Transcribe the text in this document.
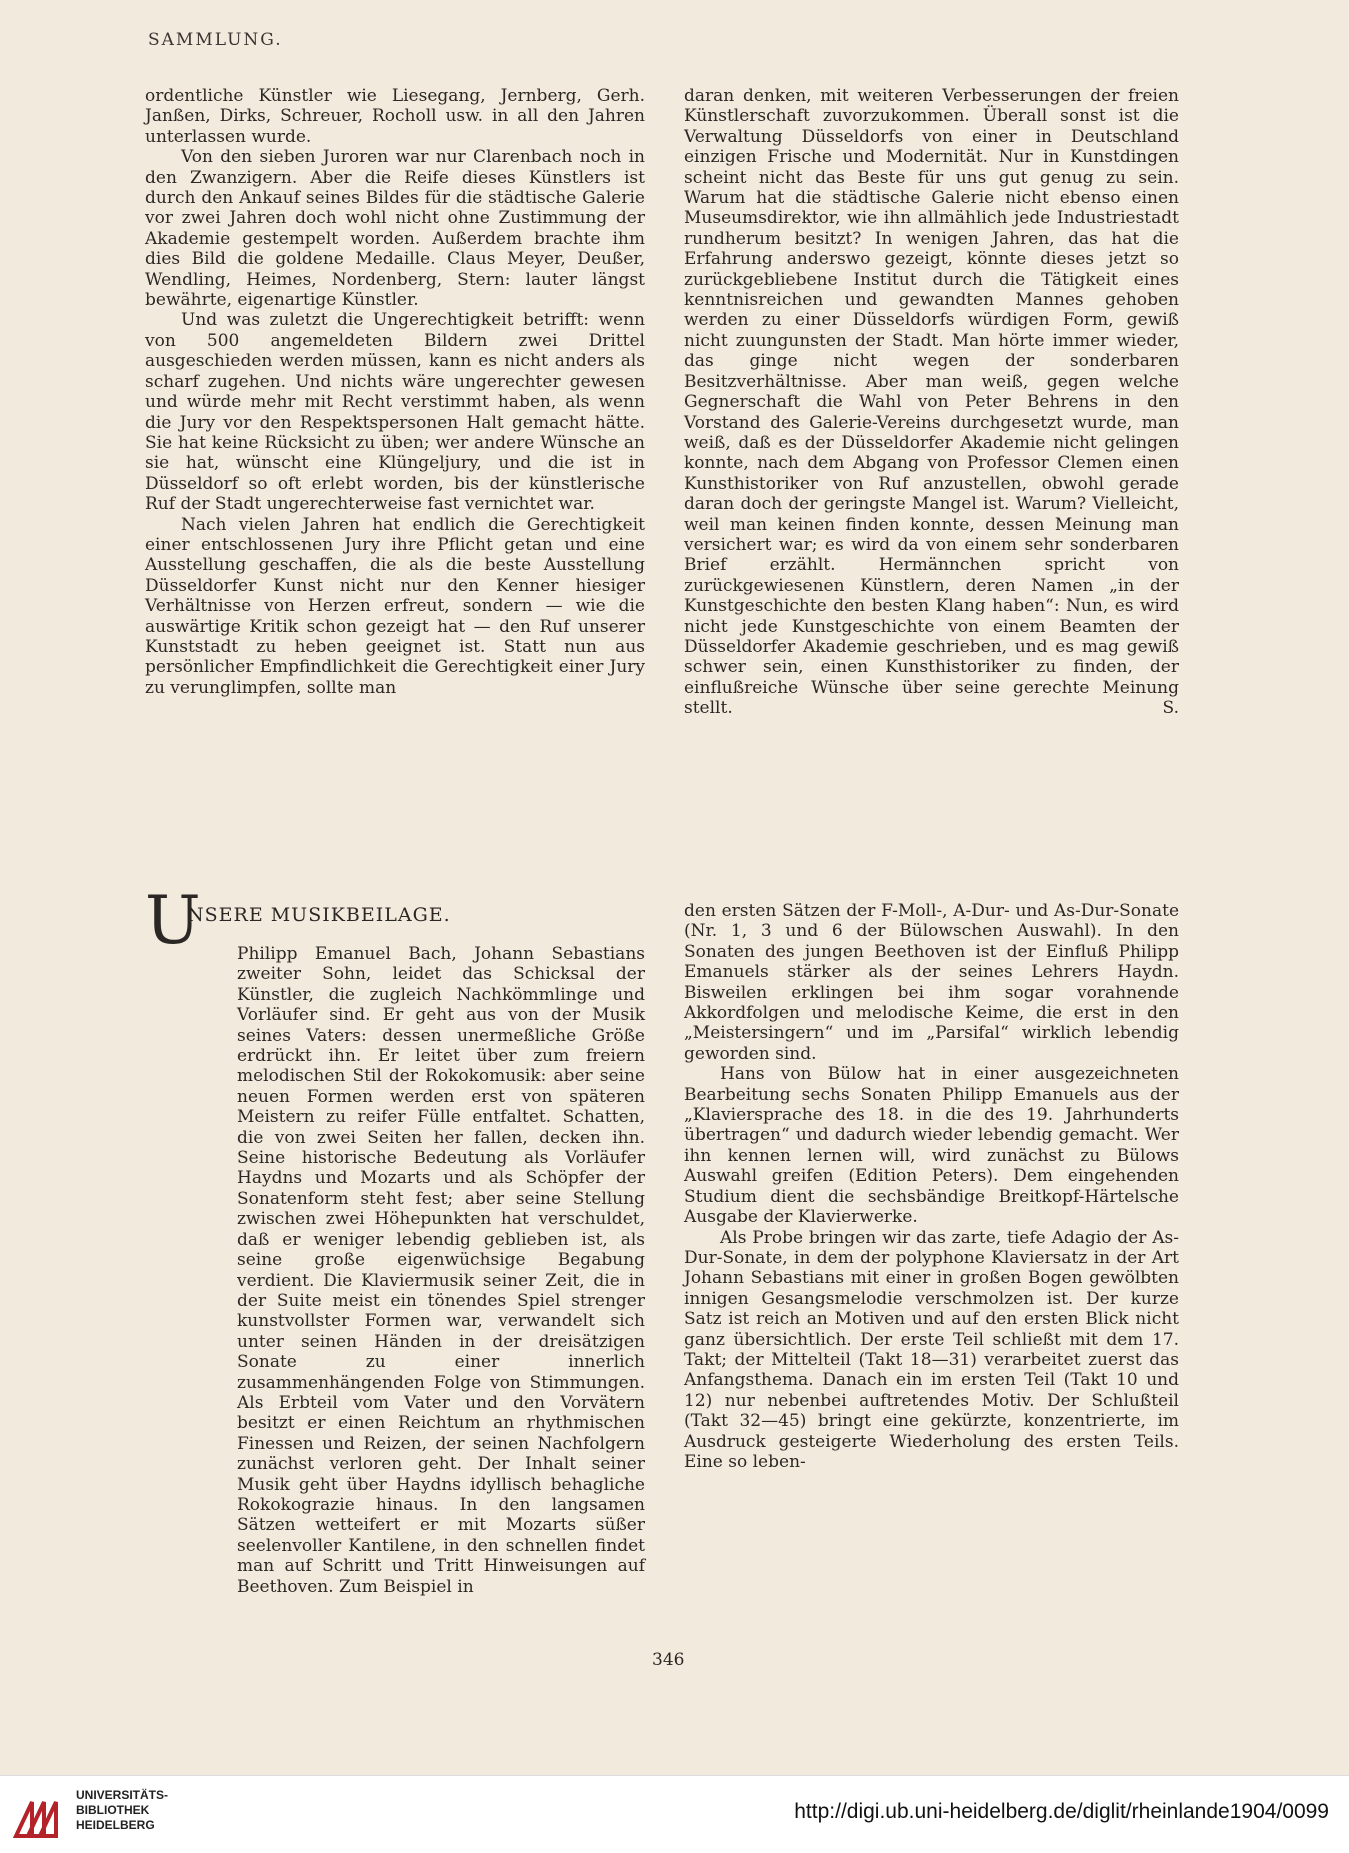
SAMMLUNG.

ordentliche Künstler wie Liesegang, Jernberg, Gerh. Janßen, Dirks, Schreuer, Rocholl usw. in all den Jahren unterlassen wurde.

Von den sieben Juroren war nur Clarenbach noch in den Zwanzigern. Aber die Reife dieses Künstlers ist durch den Ankauf seines Bildes für die städtische Galerie vor zwei Jahren doch wohl nicht ohne Zustimmung der Akademie gestempelt worden. Außerdem brachte ihm dies Bild die goldene Medaille. Claus Meyer, Deußer, Wendling, Heimes, Nordenberg, Stern: lauter längst bewährte, eigenartige Künstler.

Und was zuletzt die Ungerechtigkeit betrifft: wenn von 500 angemeldeten Bildern zwei Drittel ausgeschieden werden müssen, kann es nicht anders als scharf zugehen. Und nichts wäre ungerechter gewesen und würde mehr mit Recht verstimmt haben, als wenn die Jury vor den Respektspersonen Halt gemacht hätte. Sie hat keine Rücksicht zu üben; wer andere Wünsche an sie hat, wünscht eine Klüngeljury, und die ist in Düsseldorf so oft erlebt worden, bis der künstlerische Ruf der Stadt ungerechterweise fast vernichtet war.

Nach vielen Jahren hat endlich die Gerechtigkeit einer entschlossenen Jury ihre Pflicht getan und eine Ausstellung geschaffen, die als die beste Ausstellung Düsseldorfer Kunst nicht nur den Kenner hiesiger Verhältnisse von Herzen erfreut, sondern — wie die auswärtige Kritik schon gezeigt hat — den Ruf unserer Kunststadt zu heben geeignet ist. Statt nun aus persönlicher Empfindlichkeit die Gerechtigkeit einer Jury zu verunglimpfen, sollte man

daran denken, mit weiteren Verbesserungen der freien Künstlerschaft zuvorzukommen. Überall sonst ist die Verwaltung Düsseldorfs von einer in Deutschland einzigen Frische und Modernität. Nur in Kunstdingen scheint nicht das Beste für uns gut genug zu sein. Warum hat die städtische Galerie nicht ebenso einen Museumsdirektor, wie ihn allmählich jede Industriestadt rundherum besitzt? In wenigen Jahren, das hat die Erfahrung anderswo gezeigt, könnte dieses jetzt so zurückgebliebene Institut durch die Tätigkeit eines kenntnisreichen und gewandten Mannes gehoben werden zu einer Düsseldorfs würdigen Form, gewiß nicht zuungunsten der Stadt. Man hörte immer wieder, das ginge nicht wegen der sonderbaren Besitzverhältnisse. Aber man weiß, gegen welche Gegnerschaft die Wahl von Peter Behrens in den Vorstand des Galerie-Vereins durchgesetzt wurde, man weiß, daß es der Düsseldorfer Akademie nicht gelingen konnte, nach dem Abgang von Professor Clemen einen Kunsthistoriker von Ruf anzustellen, obwohl gerade daran doch der geringste Mangel ist. Warum? Vielleicht, weil man keinen finden konnte, dessen Meinung man versichert war; es wird da von einem sehr sonderbaren Brief erzählt. Hermännchen spricht von zurückgewiesenen Künstlern, deren Namen „in der Kunstgeschichte den besten Klang haben“: Nun, es wird nicht jede Kunstgeschichte von einem Beamten der Düsseldorfer Akademie geschrieben, und es mag gewiß schwer sein, einen Kunsthistoriker zu finden, der einflußreiche Wünsche über seine gerechte Meinung stellt.	S.
U
NSERE MUSIKBEILAGE.

Philipp Emanuel Bach, Johann Sebastians zweiter Sohn, leidet das Schicksal der Künstler, die zugleich Nachkömmlinge und Vorläufer sind. Er geht aus von der Musik seines Vaters: dessen unermeßliche Größe erdrückt ihn. Er leitet über zum freiern melodischen Stil der Rokokomusik: aber seine neuen Formen werden erst von späteren Meistern zu reifer Fülle entfaltet. Schatten, die von zwei Seiten her fallen, decken ihn. Seine historische Bedeutung als Vorläufer Haydns und Mozarts und als Schöpfer der Sonatenform steht fest; aber seine Stellung zwischen zwei Höhepunkten hat verschuldet, daß er weniger lebendig geblieben ist, als seine große eigenwüchsige Begabung verdient. Die Klaviermusik seiner Zeit, die in der Suite meist ein tönendes Spiel strenger kunstvollster Formen war, verwandelt sich unter seinen Händen in der dreisätzigen Sonate zu einer innerlich zusammenhängenden Folge von Stimmungen. Als Erbteil vom Vater und den Vorvätern besitzt er einen Reichtum an rhythmischen Finessen und Reizen, der seinen Nachfolgern zunächst verloren geht. Der Inhalt seiner Musik geht über Haydns idyllisch behagliche Rokokograzie hinaus. In den langsamen Sätzen wetteifert er mit Mozarts süßer seelenvoller Kantilene, in den schnellen findet man auf Schritt und Tritt Hinweisungen auf Beethoven. Zum Beispiel in

den ersten Sätzen der F-Moll-, A-Dur- und As-Dur-Sonate (Nr. 1, 3 und 6 der Bülowschen Auswahl). In den Sonaten des jungen Beethoven ist der Einfluß Philipp Emanuels stärker als der seines Lehrers Haydn. Bisweilen erklingen bei ihm sogar vorahnende Akkordfolgen und melodische Keime, die erst in den „Meistersingern“ und im „Parsifal“ wirklich lebendig geworden sind.

Hans von Bülow hat in einer ausgezeichneten Bearbeitung sechs Sonaten Philipp Emanuels aus der „Klaviersprache des 18. in die des 19. Jahrhunderts übertragen“ und dadurch wieder lebendig gemacht. Wer ihn kennen lernen will, wird zunächst zu Bülows Auswahl greifen (Edition Peters). Dem eingehenden Studium dient die sechsbändige Breitkopf-Härtelsche Ausgabe der Klavierwerke.

Als Probe bringen wir das zarte, tiefe Adagio der As-Dur-Sonate, in dem der polyphone Klaviersatz in der Art Johann Sebastians mit einer in großen Bogen gewölbten innigen Gesangsmelodie verschmolzen ist. Der kurze Satz ist reich an Motiven und auf den ersten Blick nicht ganz übersichtlich. Der erste Teil schließt mit dem 17. Takt; der Mittelteil (Takt 18—31) verarbeitet zuerst das Anfangsthema. Danach ein im ersten Teil (Takt 10 und 12) nur nebenbei auftretendes Motiv. Der Schlußteil (Takt 32—45) bringt eine gekürzte, konzentrierte, im Ausdruck gesteigerte Wiederholung des ersten Teils. Eine so leben-

346
UNIVERSITÄTS-
BIBLIOTHEK
HEIDELBERG
http://digi.ub.uni-heidelberg.de/diglit/rheinlande1904/0099
